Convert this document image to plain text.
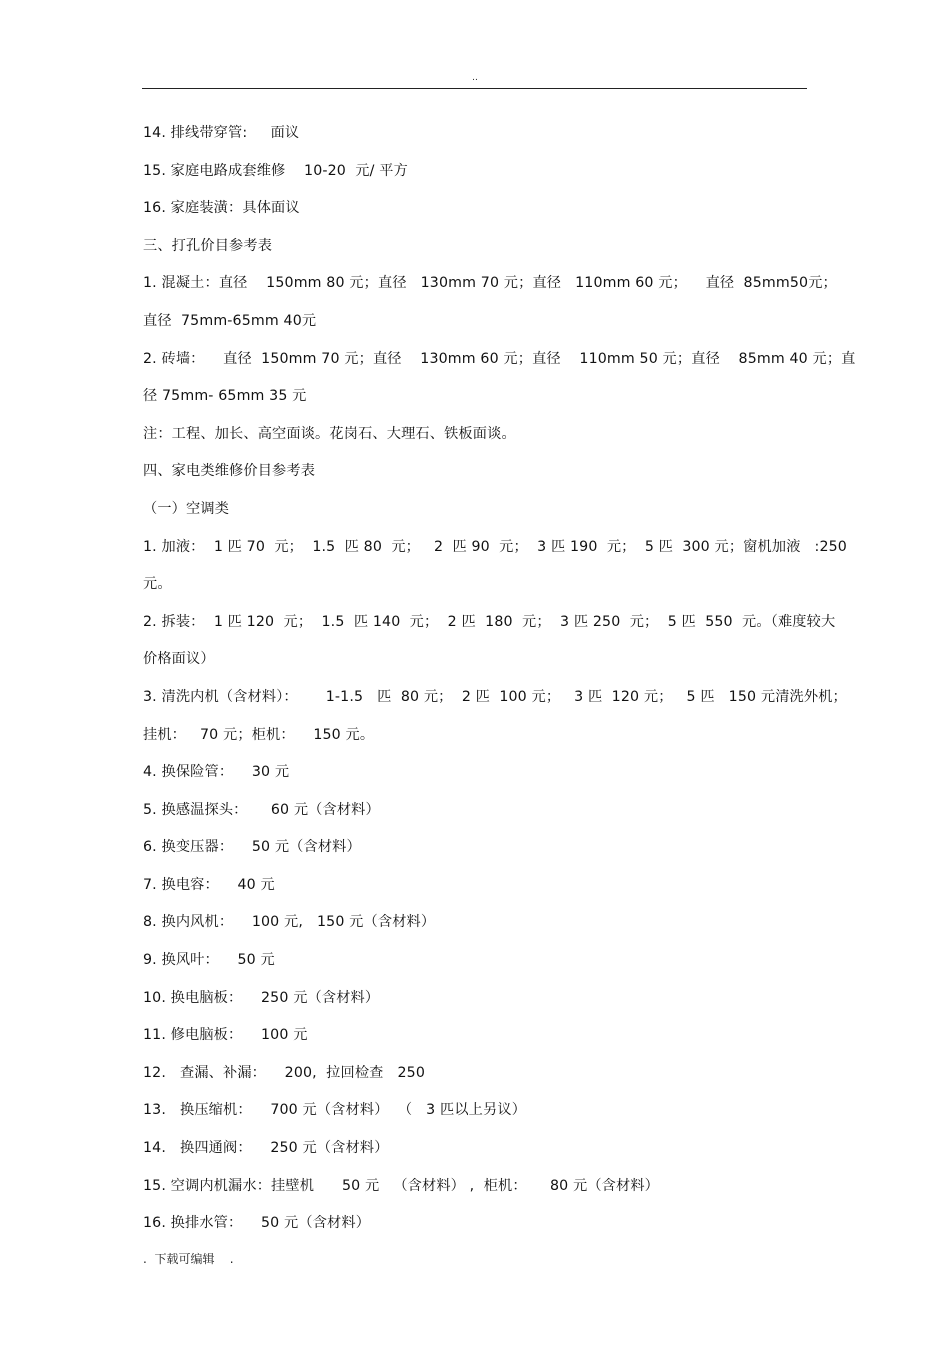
..

14. 排线带穿管:     面议

15. 家庭电路成套维修    10-20  元/ 平方

16. 家庭装潢：具体面议

三、打孔价目参考表

1. 混凝土：直径    150mm 80 元；直径   130mm 70 元；直径   110mm 60 元；    直径  85mm50元；

直径  75mm-65mm 40元

2. 砖墙：    直径  150mm 70 元；直径    130mm 60 元；直径    110mm 50 元；直径    85mm 40 元；直

径 75mm- 65mm 35 元

注：工程、加长、高空面谈。花岗石、大理石、铁板面谈。

四、家电类维修价目参考表

（一）空调类

1. 加液：  1 匹 70  元；  1.5  匹 80  元；   2  匹 90  元；  3 匹 190  元；  5 匹  300 元；窗机加液   :250

元。

2. 拆装：  1 匹 120  元；  1.5  匹 140  元；  2 匹  180  元；  3 匹 250  元；  5 匹  550  元。（难度较大

价格面议）

3. 清洗内机（含材料）：      1-1.5   匹  80 元；  2 匹  100 元；   3 匹  120 元；   5 匹   150 元清洗外机；

挂机：   70 元；柜机：    150 元。

4. 换保险管：    30 元

5. 换感温探头：     60 元（含材料）

6. 换变压器：    50 元（含材料）

7. 换电容：    40 元

8. 换内风机：    100 元,   150 元（含材料）

9. 换风叶：    50 元

10. 换电脑板：    250 元（含材料）

11. 修电脑板：    100 元

12.   查漏、补漏：    200,  拉回检查   250

13.   换压缩机：    700 元（含材料）  （   3 匹以上另议）

14.   换四通阀：    250 元（含材料）

15. 空调内机漏水：挂壁机      50 元   （含材料） ,  柜机：     80 元（含材料）

16. 换排水管：    50 元（含材料）

.  下载可编辑    .
